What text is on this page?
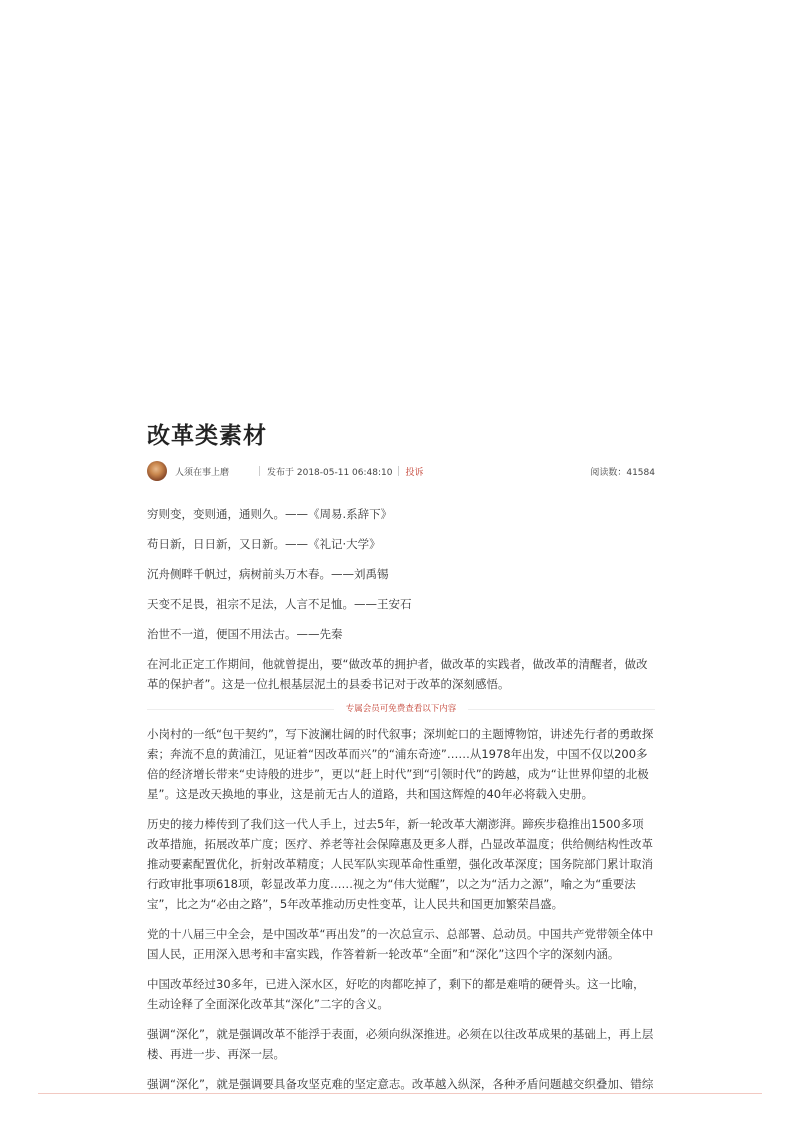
改革类素材
人须在事上磨	发布于 2018-05-11 06:48:10 投诉	阅读数：41584

穷则变，变则通，通则久。——《周易.系辞下》

苟日新，日日新，又日新。——《礼记·大学》

沉舟侧畔千帆过，病树前头万木春。——刘禹锡

天变不足畏，祖宗不足法，人言不足恤。——王安石

治世不一道，便国不用法古。——先秦

在河北正定工作期间，他就曾提出，要“做改革的拥护者，做改革的实践者，做改革的清醒者，做改革的保护者”。这是一位扎根基层泥土的县委书记对于改革的深刻感悟。

专属会员可免费查看以下内容

小岗村的一纸“包干契约”，写下波澜壮阔的时代叙事；深圳蛇口的主题博物馆，讲述先行者的勇敢探索；奔流不息的黄浦江，见证着“因改革而兴”的“浦东奇迹”……从1978年出发，中国不仅以200多倍的经济增长带来“史诗般的进步”，更以“赶上时代”到“引领时代”的跨越，成为“让世界仰望的北极星”。这是改天换地的事业，这是前无古人的道路，共和国这辉煌的40年必将载入史册。

历史的接力棒传到了我们这一代人手上，过去5年，新一轮改革大潮澎湃。蹄疾步稳推出1500多项改革措施，拓展改革广度；医疗、养老等社会保障惠及更多人群，凸显改革温度；供给侧结构性改革推动要素配置优化，折射改革精度；人民军队实现革命性重塑，强化改革深度；国务院部门累计取消行政审批事项618项，彰显改革力度……视之为“伟大觉醒”，以之为“活力之源”，喻之为“重要法宝”，比之为“必由之路”，5年改革推动历史性变革，让人民共和国更加繁荣昌盛。

党的十八届三中全会，是中国改革“再出发”的一次总宣示、总部署、总动员。中国共产党带领全体中国人民，正用深入思考和丰富实践，作答着新一轮改革“全面”和“深化”这四个字的深刻内涵。

中国改革经过30多年，已进入深水区，好吃的肉都吃掉了，剩下的都是难啃的硬骨头。这一比喻，生动诠释了全面深化改革其“深化”二字的含义。

强调“深化”，就是强调改革不能浮于表面，必须向纵深推进。必须在以往改革成果的基础上，再上层楼、再进一步、再深一层。

强调“深化”，就是强调要具备攻坚克难的坚定意志。改革越入纵深，各种矛盾问题越交织叠加、错综
